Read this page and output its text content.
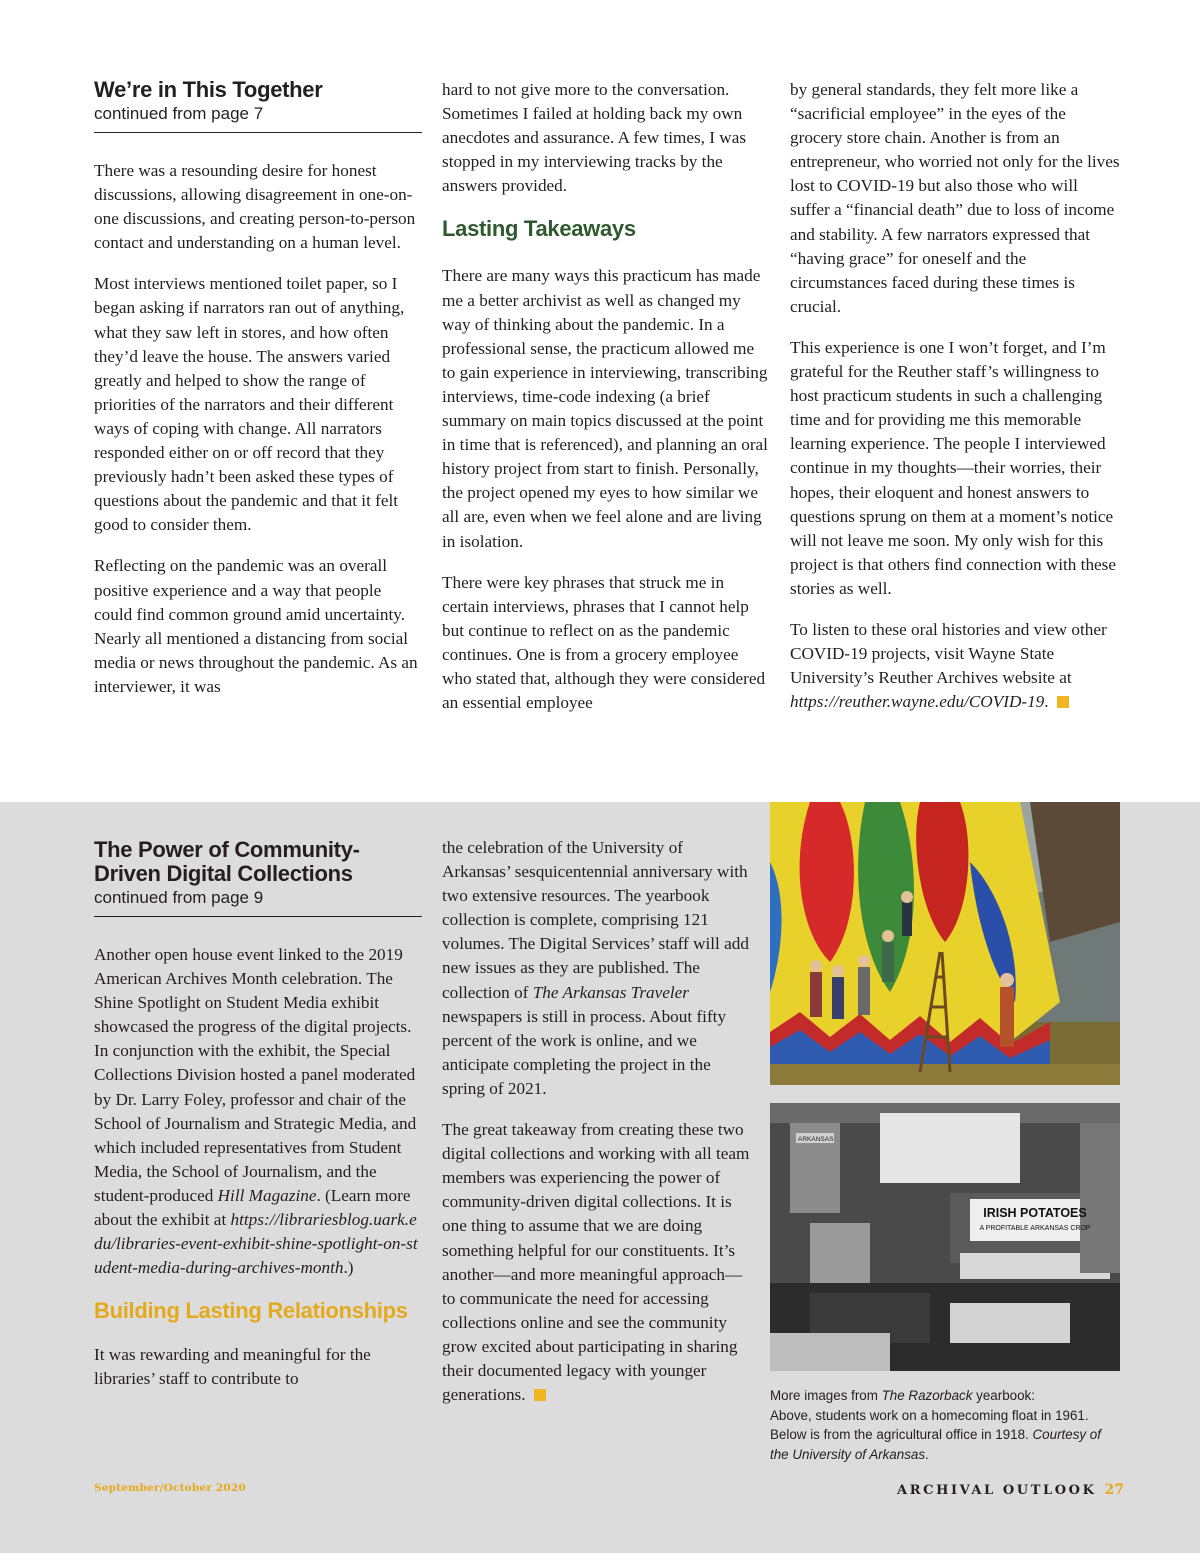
We’re in This Together
continued from page 7

There was a resounding desire for honest discussions, allowing disagreement in one-on-one discussions, and creating person-to-person contact and understanding on a human level.

Most interviews mentioned toilet paper, so I began asking if narrators ran out of anything, what they saw left in stores, and how often they’d leave the house. The answers varied greatly and helped to show the range of priorities of the narrators and their different ways of coping with change. All narrators responded either on or off record that they previously hadn’t been asked these types of questions about the pandemic and that it felt good to consider them.

Reflecting on the pandemic was an overall positive experience and a way that people could find common ground amid uncertainty. Nearly all mentioned a distancing from social media or news throughout the pandemic. As an interviewer, it was

hard to not give more to the conversation. Sometimes I failed at holding back my own anecdotes and assurance. A few times, I was stopped in my interviewing tracks by the answers provided.

Lasting Takeaways

There are many ways this practicum has made me a better archivist as well as changed my way of thinking about the pandemic. In a professional sense, the practicum allowed me to gain experience in interviewing, transcribing interviews, time-code indexing (a brief summary on main topics discussed at the point in time that is referenced), and planning an oral history project from start to finish. Personally, the project opened my eyes to how similar we all are, even when we feel alone and are living in isolation.

There were key phrases that struck me in certain interviews, phrases that I cannot help but continue to reflect on as the pandemic continues. One is from a grocery employee who stated that, although they were considered an essential employee

by general standards, they felt more like a “sacrificial employee” in the eyes of the grocery store chain. Another is from an entrepreneur, who worried not only for the lives lost to COVID-19 but also those who will suffer a “financial death” due to loss of income and stability. A few narrators expressed that “having grace” for oneself and the circumstances faced during these times is crucial.

This experience is one I won’t forget, and I’m grateful for the Reuther staff’s willingness to host practicum students in such a challenging time and for providing me this memorable learning experience. The people I interviewed continue in my thoughts—their worries, their hopes, their eloquent and honest answers to questions sprung on them at a moment’s notice will not leave me soon. My only wish for this project is that others find connection with these stories as well.

To listen to these oral histories and view other COVID-19 projects, visit Wayne State University’s Reuther Archives website at https://reuther.wayne.edu/COVID-19.

The Power of Community-Driven Digital Collections
continued from page 9

Another open house event linked to the 2019 American Archives Month celebration. The Shine Spotlight on Student Media exhibit showcased the progress of the digital projects. In conjunction with the exhibit, the Special Collections Division hosted a panel moderated by Dr. Larry Foley, professor and chair of the School of Journalism and Strategic Media, and which included representatives from Student Media, the School of Journalism, and the student-produced Hill Magazine. (Learn more about the exhibit at https://librariesblog.uark.edu/libraries-event-exhibit-shine-spotlight-on-student-media-during-archives-month.)

Building Lasting Relationships

It was rewarding and meaningful for the libraries’ staff to contribute to

the celebration of the University of Arkansas’ sesquicentennial anniversary with two extensive resources. The yearbook collection is complete, comprising 121 volumes. The Digital Services’ staff will add new issues as they are published. The collection of The Arkansas Traveler newspapers is still in process. About fifty percent of the work is online, and we anticipate completing the project in the spring of 2021.

The great takeaway from creating these two digital collections and working with all team members was experiencing the power of community-driven digital collections. It is one thing to assume that we are doing something helpful for our constituents. It’s another—and more meaningful approach—to communicate the need for accessing collections online and see the community grow excited about participating in sharing their documented legacy with younger generations.

ARKANSAS
IRISH POTATOES
A PROFITABLE ARKANSAS CROP

More images from The Razorback yearbook:

Above, students work on a homecoming float in 1961.

Below is from the agricultural office in 1918. Courtesy of the University of Arkansas.

September/October 2020	ARCHIVAL OUTLOOK 27
